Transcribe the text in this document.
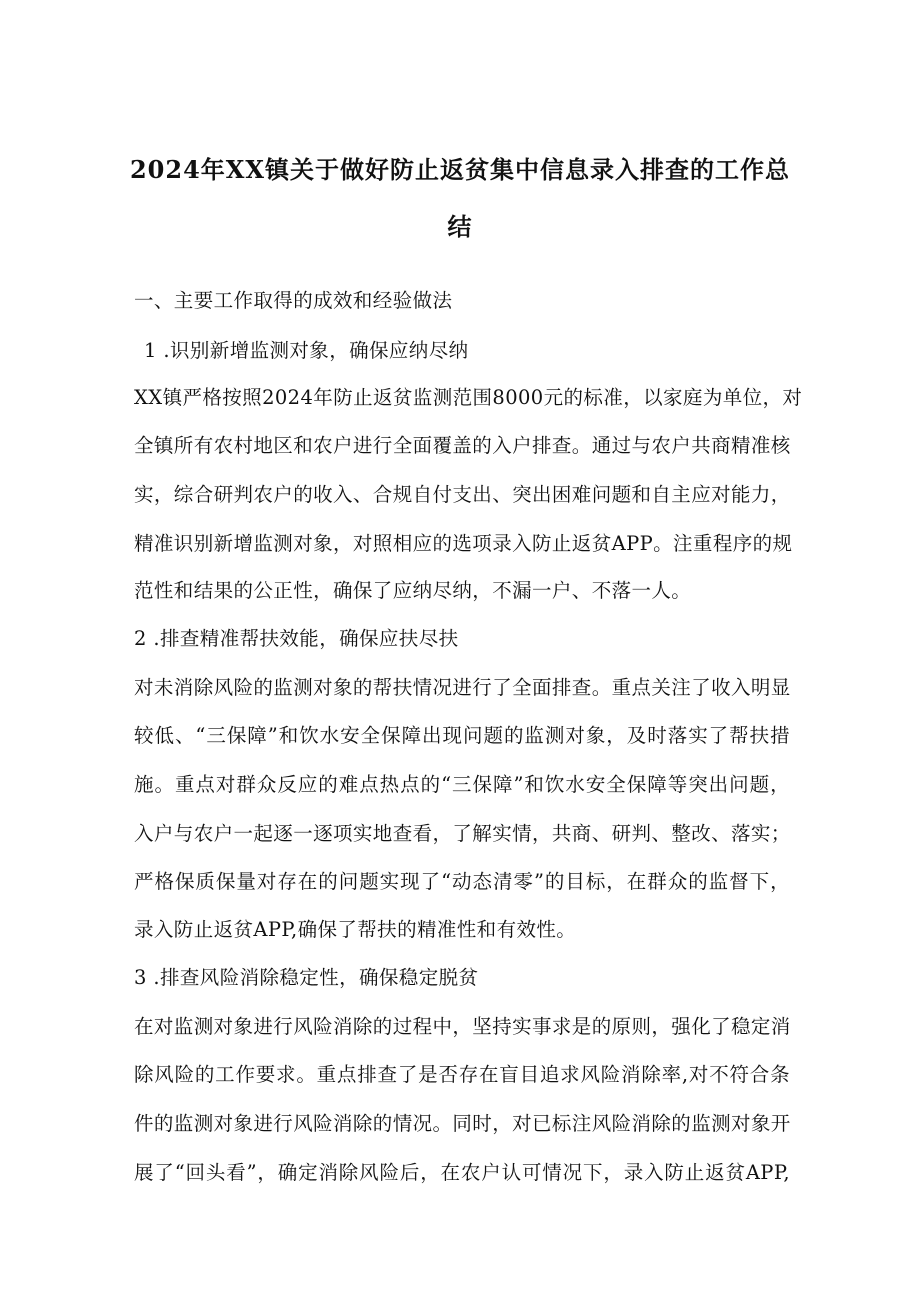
2024年XX镇关于做好防止返贫集中信息录入排查的工作总
结
一、主要工作取得的成效和经验做法
1 .识别新增监测对象，确保应纳尽纳
XX镇严格按照2024年防止返贫监测范围8000元的标准，以家庭为单位，对
全镇所有农村地区和农户进行全面覆盖的入户排查。通过与农户共商精准核
实，综合研判农户的收入、合规自付支出、突出困难问题和自主应对能力，
精准识别新增监测对象，对照相应的选项录入防止返贫APP。注重程序的规
范性和结果的公正性，确保了应纳尽纳，不漏一户、不落一人。
2 .排查精准帮扶效能，确保应扶尽扶
对未消除风险的监测对象的帮扶情况进行了全面排查。重点关注了收入明显
较低、“三保障”和饮水安全保障出现问题的监测对象，及时落实了帮扶措
施。重点对群众反应的难点热点的“三保障”和饮水安全保障等突出问题，
入户与农户一起逐一逐项实地查看，了解实情，共商、研判、整改、落实；
严格保质保量对存在的问题实现了“动态清零”的目标，在群众的监督下，
录入防止返贫APP,确保了帮扶的精准性和有效性。
3 .排查风险消除稳定性，确保稳定脱贫
在对监测对象进行风险消除的过程中，坚持实事求是的原则，强化了稳定消
除风险的工作要求。重点排查了是否存在盲目追求风险消除率,对不符合条
件的监测对象进行风险消除的情况。同时，对已标注风险消除的监测对象开
展了“回头看”，确定消除风险后，在农户认可情况下，录入防止返贫APP,
